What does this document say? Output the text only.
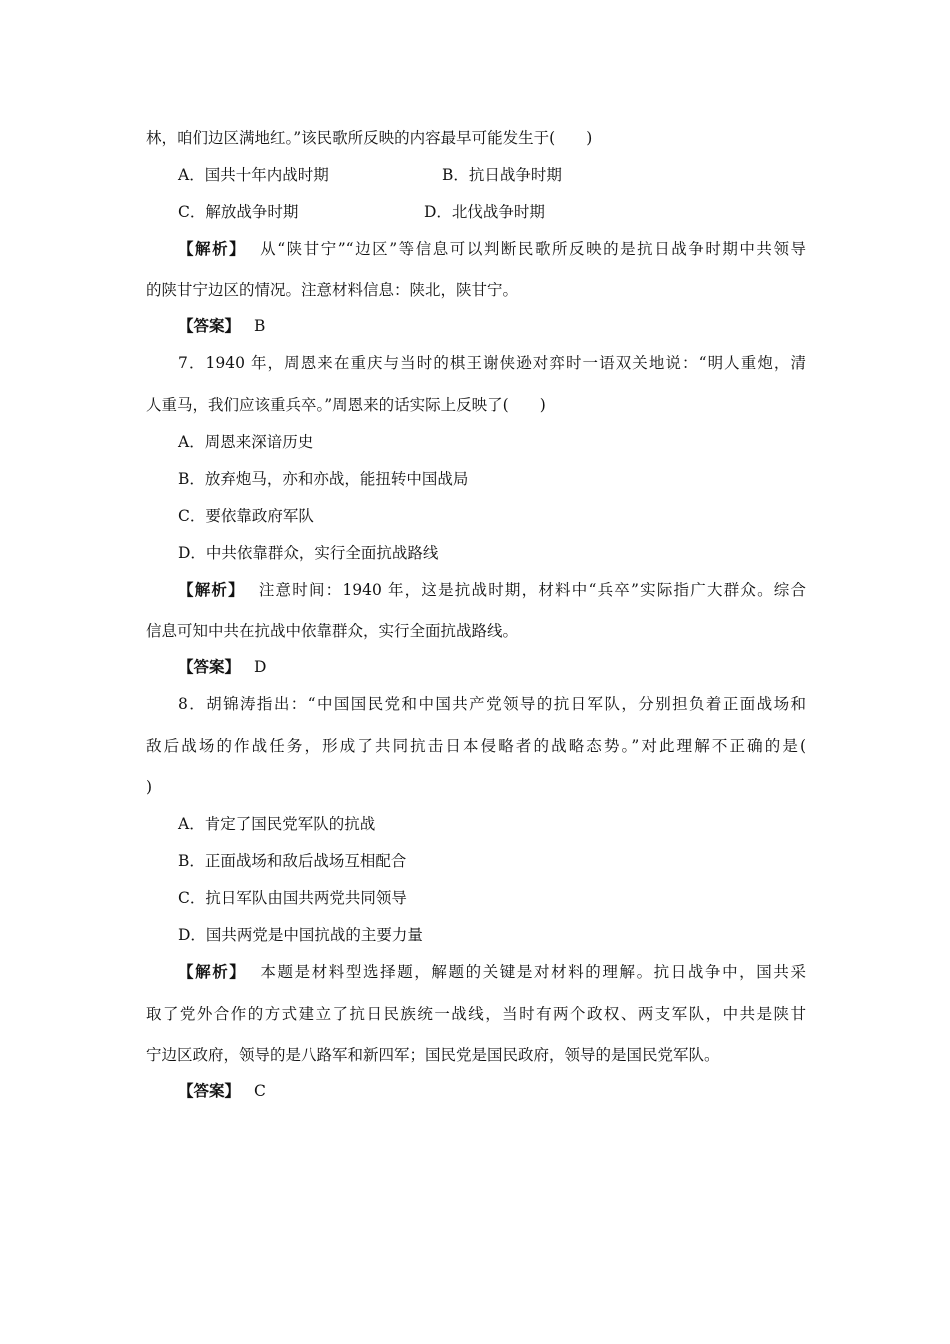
林，咱们边区满地红。”该民歌所反映的内容最早可能发生于(　　)
A．国共十年内战时期	B．抗日战争时期
C．解放战争时期	D．北伐战争时期
【解析】 从“陕甘宁”“边区”等信息可以判断民歌所反映的是抗日战争时期中共领导
的陕甘宁边区的情况。注意材料信息：陕北，陕甘宁。
【答案】 B
7．1940 年，周恩来在重庆与当时的棋王谢侠逊对弈时一语双关地说：“明人重炮，清
人重马，我们应该重兵卒。”周恩来的话实际上反映了(　　)
A．周恩来深谙历史
B．放弃炮马，亦和亦战，能扭转中国战局
C．要依靠政府军队
D．中共依靠群众，实行全面抗战路线
【解析】 注意时间：1940 年，这是抗战时期，材料中“兵卒”实际指广大群众。综合
信息可知中共在抗战中依靠群众，实行全面抗战路线。
【答案】 D
8．胡锦涛指出：“中国国民党和中国共产党领导的抗日军队，分别担负着正面战场和
敌后战场的作战任务，形成了共同抗击日本侵略者的战略态势。”对此理解不正确的是(
)
A．肯定了国民党军队的抗战
B．正面战场和敌后战场互相配合
C．抗日军队由国共两党共同领导
D．国共两党是中国抗战的主要力量
【解析】 本题是材料型选择题，解题的关键是对材料的理解。抗日战争中，国共采
取了党外合作的方式建立了抗日民族统一战线，当时有两个政权、两支军队，中共是陕甘
宁边区政府，领导的是八路军和新四军；国民党是国民政府，领导的是国民党军队。
【答案】 C
